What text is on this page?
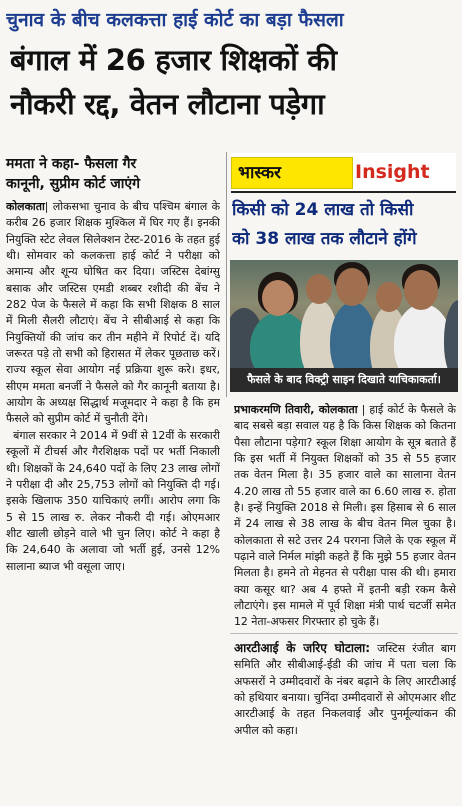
चुनाव के बीच कलकत्ता हाई कोर्ट का बड़ा फैसला
बंगाल में 26 हजार शिक्षकों की
नौकरी रद्द, वेतन लौटाना पड़ेगा
ममता ने कहा- फैसला गैर
कानूनी, सुप्रीम कोर्ट जाएंगे

कोलकाता| लोकसभा चुनाव के बीच पश्चिम बंगाल के करीब 26 हजार शिक्षक मुश्किल में घिर गए हैं। इनकी नियुक्ति स्टेट लेवल सिलेक्शन टेस्ट-2016 के तहत हुई थी। सोमवार को कलकत्ता हाई कोर्ट ने परीक्षा को अमान्य और शून्य घोषित कर दिया। जस्टिस देबांग्सु बसाक और जस्टिस एमडी शब्बर रशीदी की बेंच ने 282 पेज के फैसले में कहा कि सभी शिक्षक 8 साल में मिली सैलरी लौटाएं। बेंच ने सीबीआई से कहा कि नियुक्तियों की जांच कर तीन महीने में रिपोर्ट दें। यदि जरूरत पड़े तो सभी को हिरासत में लेकर पूछताछ करें। राज्य स्कूल सेवा आयोग नई प्रक्रिया शुरू करे। इधर, सीएम ममता बनर्जी ने फैसले को गैर कानूनी बताया है। आयोग के अध्यक्ष सिद्धार्थ मजूमदार ने कहा है कि हम फैसले को सुप्रीम कोर्ट में चुनौती देंगे।

बंगाल सरकार ने 2014 में 9वीं से 12वीं के सरकारी स्कूलों में टीचर्स और गैरशिक्षक पदों पर भर्ती निकाली थी। शिक्षकों के 24,640 पदों के लिए 23 लाख लोगों ने परीक्षा दी और 25,753 लोगों को नियुक्ति दी गई। इसके खिलाफ 350 याचिकाएं लगीं। आरोप लगा कि 5 से 15 लाख रु. लेकर नौकरी दी गई। ओएमआर शीट खाली छोड़ने वाले भी चुन लिए। कोर्ट ने कहा है कि 24,640 के अलावा जो भर्ती हुई, उनसे 12% सालाना ब्याज भी वसूला जाए।

भास्कर	Insight
किसी को 24 लाख तो किसी
को 38 लाख तक लौटाने होंगे
फैसले के बाद विक्ट्री साइन दिखाते याचिकाकर्ता।
प्रभाकरमणि तिवारी, कोलकाता | हाई कोर्ट के फैसले के बाद सबसे बड़ा सवाल यह है कि किस शिक्षक को कितना पैसा लौटाना पड़ेगा? स्कूल शिक्षा आयोग के सूत्र बताते हैं कि इस भर्ती में नियुक्त शिक्षकों को 35 से 55 हजार तक वेतन मिला है। 35 हजार वाले का सालाना वेतन 4.20 लाख तो 55 हजार वाले का 6.60 लाख रु. होता है। इन्हें नियुक्ति 2018 से मिली। इस हिसाब से 6 साल में 24 लाख से 38 लाख के बीच वेतन मिल चुका है। कोलकाता से सटे उत्तर 24 परगना जिले के एक स्कूल में पढ़ाने वाले निर्मल मांझी कहते हैं कि मुझे 55 हजार वेतन मिलता है। हमने तो मेहनत से परीक्षा पास की थी। हमारा क्या कसूर था? अब 4 हफ्ते में इतनी बड़ी रकम कैसे लौटाएंगे। इस मामले में पूर्व शिक्षा मंत्री पार्थ चटर्जी समेत 12 नेता-अफसर गिरफ्तार हो चुके हैं।
आरटीआई के जरिए घोटाला: जस्टिस रंजीत बाग समिति और सीबीआई-ईडी की जांच में पता चला कि अफसरों ने उम्मीदवारों के नंबर बढ़ाने के लिए आरटीआई को हथियार बनाया। चुनिंदा उम्मीदवारों से ओएमआर शीट आरटीआई के तहत निकलवाई और पुनर्मूल्यांकन की अपील को कहा।
